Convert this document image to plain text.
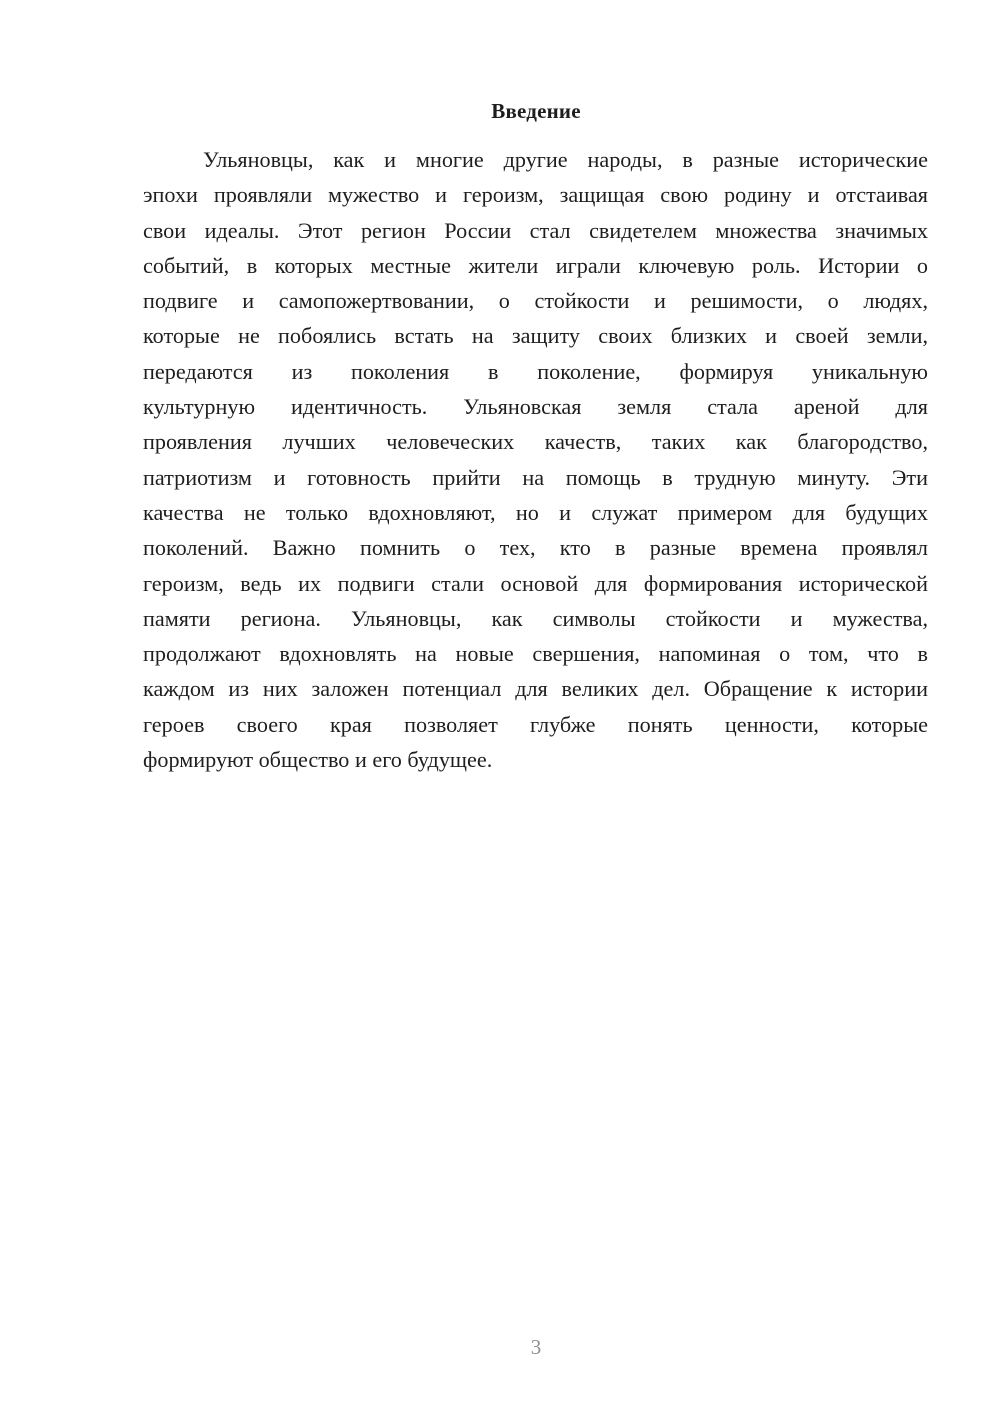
Введение
Ульяновцы, как и многие другие народы, в разные исторические
эпохи проявляли мужество и героизм, защищая свою родину и отстаивая
свои идеалы. Этот регион России стал свидетелем множества значимых
событий, в которых местные жители играли ключевую роль. Истории о
подвиге и самопожертвовании, о стойкости и решимости, о людях,
которые не побоялись встать на защиту своих близких и своей земли,
передаются из поколения в поколение, формируя уникальную
культурную идентичность. Ульяновская земля стала ареной для
проявления лучших человеческих качеств, таких как благородство,
патриотизм и готовность прийти на помощь в трудную минуту. Эти
качества не только вдохновляют, но и служат примером для будущих
поколений. Важно помнить о тех, кто в разные времена проявлял
героизм, ведь их подвиги стали основой для формирования исторической
памяти региона. Ульяновцы, как символы стойкости и мужества,
продолжают вдохновлять на новые свершения, напоминая о том, что в
каждом из них заложен потенциал для великих дел. Обращение к истории
героев своего края позволяет глубже понять ценности, которые
формируют общество и его будущее.
3
